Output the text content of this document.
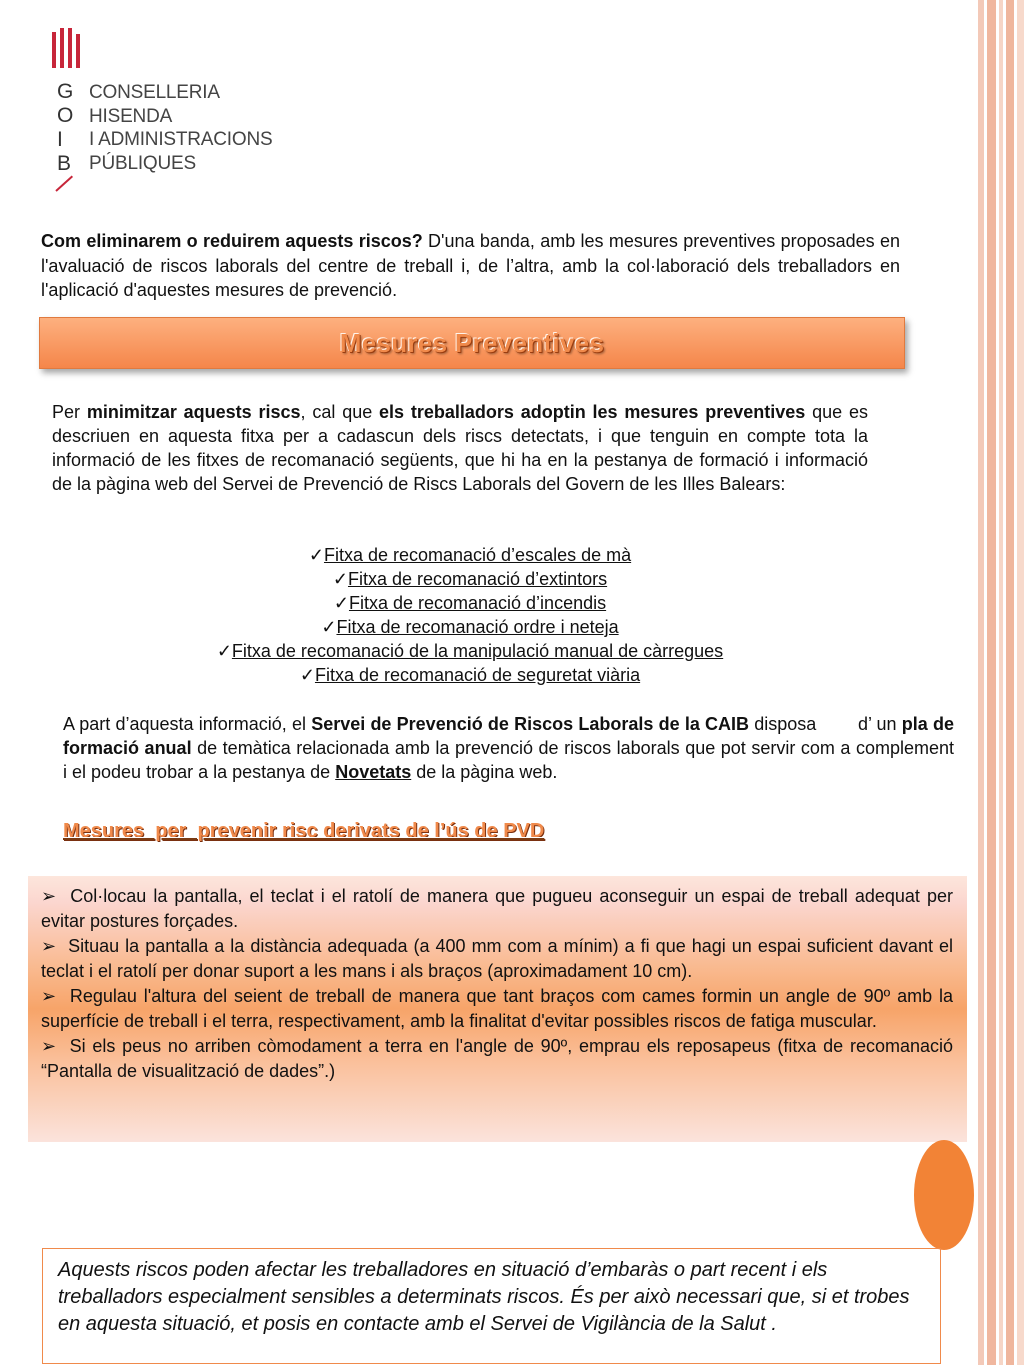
G
O
I
B
CONSELLERIA
HISENDA
I ADMINISTRACIONS
PÚBLIQUES

Com eliminarem o reduirem aquests riscos? D'una banda, amb les mesures preventives proposades en l'avaluació de riscos laborals del centre de treball i, de l’altra, amb la col·laboració dels treballadors en l'aplicació d'aquestes mesures de prevenció.

Mesures Preventives

Per minimitzar aquests riscs, cal que els treballadors adoptin les mesures preventives que es descriuen en aquesta fitxa per a cadascun dels riscs detectats, i que tenguin en compte tota la informació de les fitxes de recomanació següents, que hi ha en la pestanya de formació i informació de la pàgina web del Servei de Prevenció de Riscs Laborals del Govern de les Illes Balears:

✓Fitxa de recomanació d’escales de mà
✓Fitxa de recomanació d’extintors
✓Fitxa de recomanació d’incendis
✓Fitxa de recomanació ordre i neteja
✓Fitxa de recomanació de la manipulació manual de càrregues
✓Fitxa de recomanació de seguretat viària

A part d’aquesta informació, el Servei de Prevenció de Riscos Laborals de la CAIB disposa        d’ un pla de formació anual de temàtica relacionada amb la prevenció de riscos laborals que pot servir com a complement i el podeu trobar a la pestanya de Novetats de la pàgina web.

Mesures  per  prevenir risc derivats de l’ús de PVD
➢  Col·locau la pantalla, el teclat i el ratolí de manera que pugueu aconseguir un espai de treball adequat per evitar postures forçades.
➢  Situau la pantalla a la distància adequada (a 400 mm com a mínim) a fi que hagi un espai suficient davant el teclat i el ratolí per donar suport a les mans i als braços (aproximadament 10 cm).
➢  Regulau l'altura del seient de treball de manera que tant braços com cames formin un angle de 90º amb la superfície de treball i el terra, respectivament, amb la finalitat d'evitar possibles riscos de fatiga muscular.
➢  Si els peus no arriben còmodament a terra en l'angle de 90º, emprau els reposapeus (fitxa de recomanació “Pantalla de visualització de dades”.)
Aquests riscos poden afectar les treballadores en situació d’embaràs o part recent i els treballadors especialment sensibles a determinats riscos. És per això necessari que, si et trobes en aquesta situació, et posis en contacte amb el Servei de Vigilància de la Salut .
